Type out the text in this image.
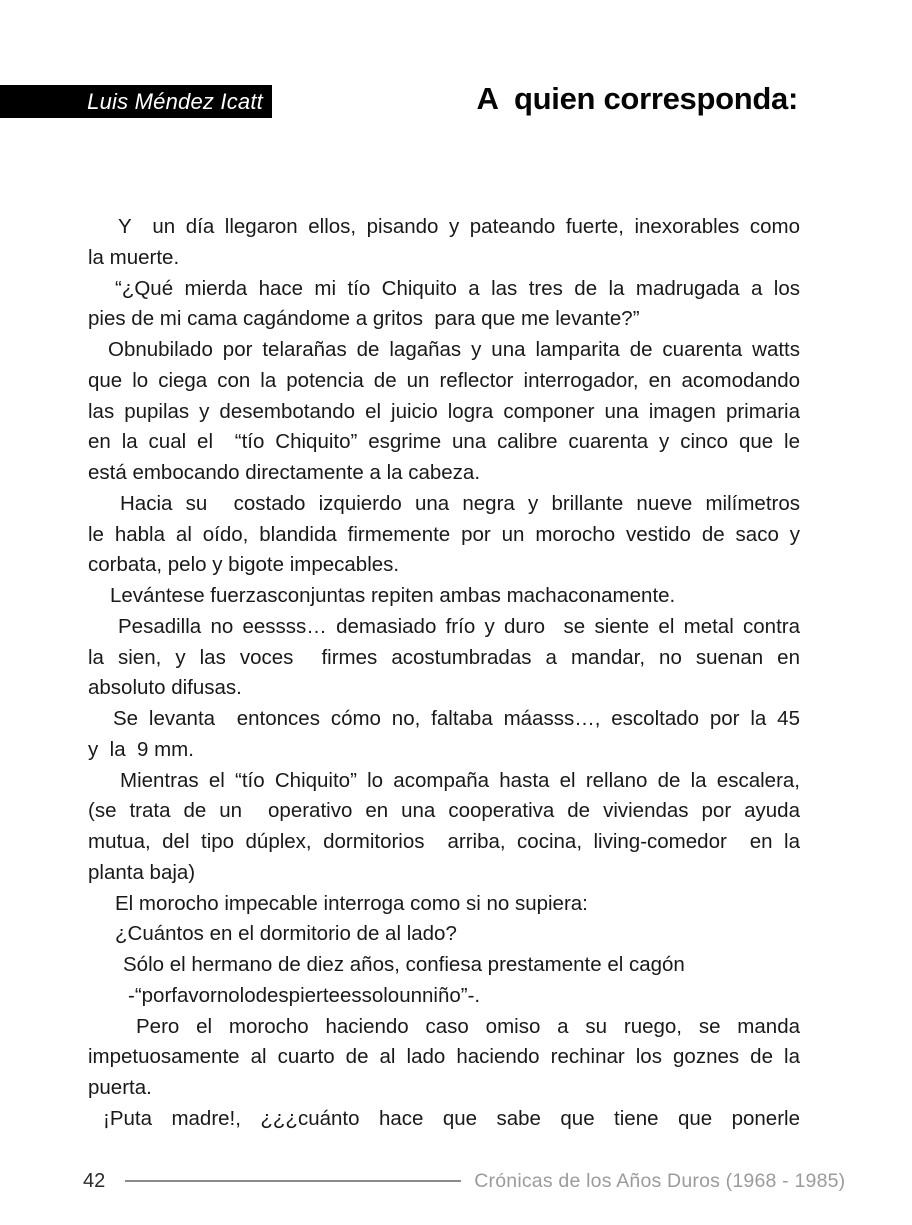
Luis Méndez Icatt	A  quien corresponda:
Y  un día llegaron ellos, pisando y pateando fuerte, inexorables como
la muerte.
“¿Qué mierda hace mi tío Chiquito a las tres de la madrugada a los
pies de mi cama cagándome a gritos  para que me levante?”
Obnubilado por telarañas de lagañas y una lamparita de cuarenta watts
que lo ciega con la potencia de un reflector interrogador, en acomodando
las pupilas y desembotando el juicio logra componer una imagen primaria
en la cual el  “tío Chiquito” esgrime una calibre cuarenta y cinco que le
está embocando directamente a la cabeza.
Hacia su  costado izquierdo una negra y brillante nueve milímetros
le habla al oído, blandida firmemente por un morocho vestido de saco y
corbata, pelo y bigote impecables.
Levántese fuerzasconjuntas repiten ambas machaconamente.
Pesadilla no eessss… demasiado frío y duro  se siente el metal contra
la sien, y las voces  firmes acostumbradas a mandar, no suenan en
absoluto difusas.
Se levanta  entonces cómo no, faltaba máasss…, escoltado por la 45
y  la  9 mm.
Mientras el “tío Chiquito” lo acompaña hasta el rellano de la escalera,
(se trata de un  operativo en una cooperativa de viviendas por ayuda
mutua, del tipo dúplex, dormitorios  arriba, cocina, living-comedor  en la
planta baja)
El morocho impecable interroga como si no supiera:
¿Cuántos en el dormitorio de al lado?
Sólo el hermano de diez años, confiesa prestamente el cagón
-“porfavornolodespierteessolounniño”-.
Pero el morocho haciendo caso omiso a su ruego, se manda
impetuosamente al cuarto de al lado haciendo rechinar los goznes de la
puerta.
¡Puta madre!, ¿¿¿cuánto hace que sabe que tiene que ponerle
42	Crónicas de los Años Duros (1968 - 1985)
